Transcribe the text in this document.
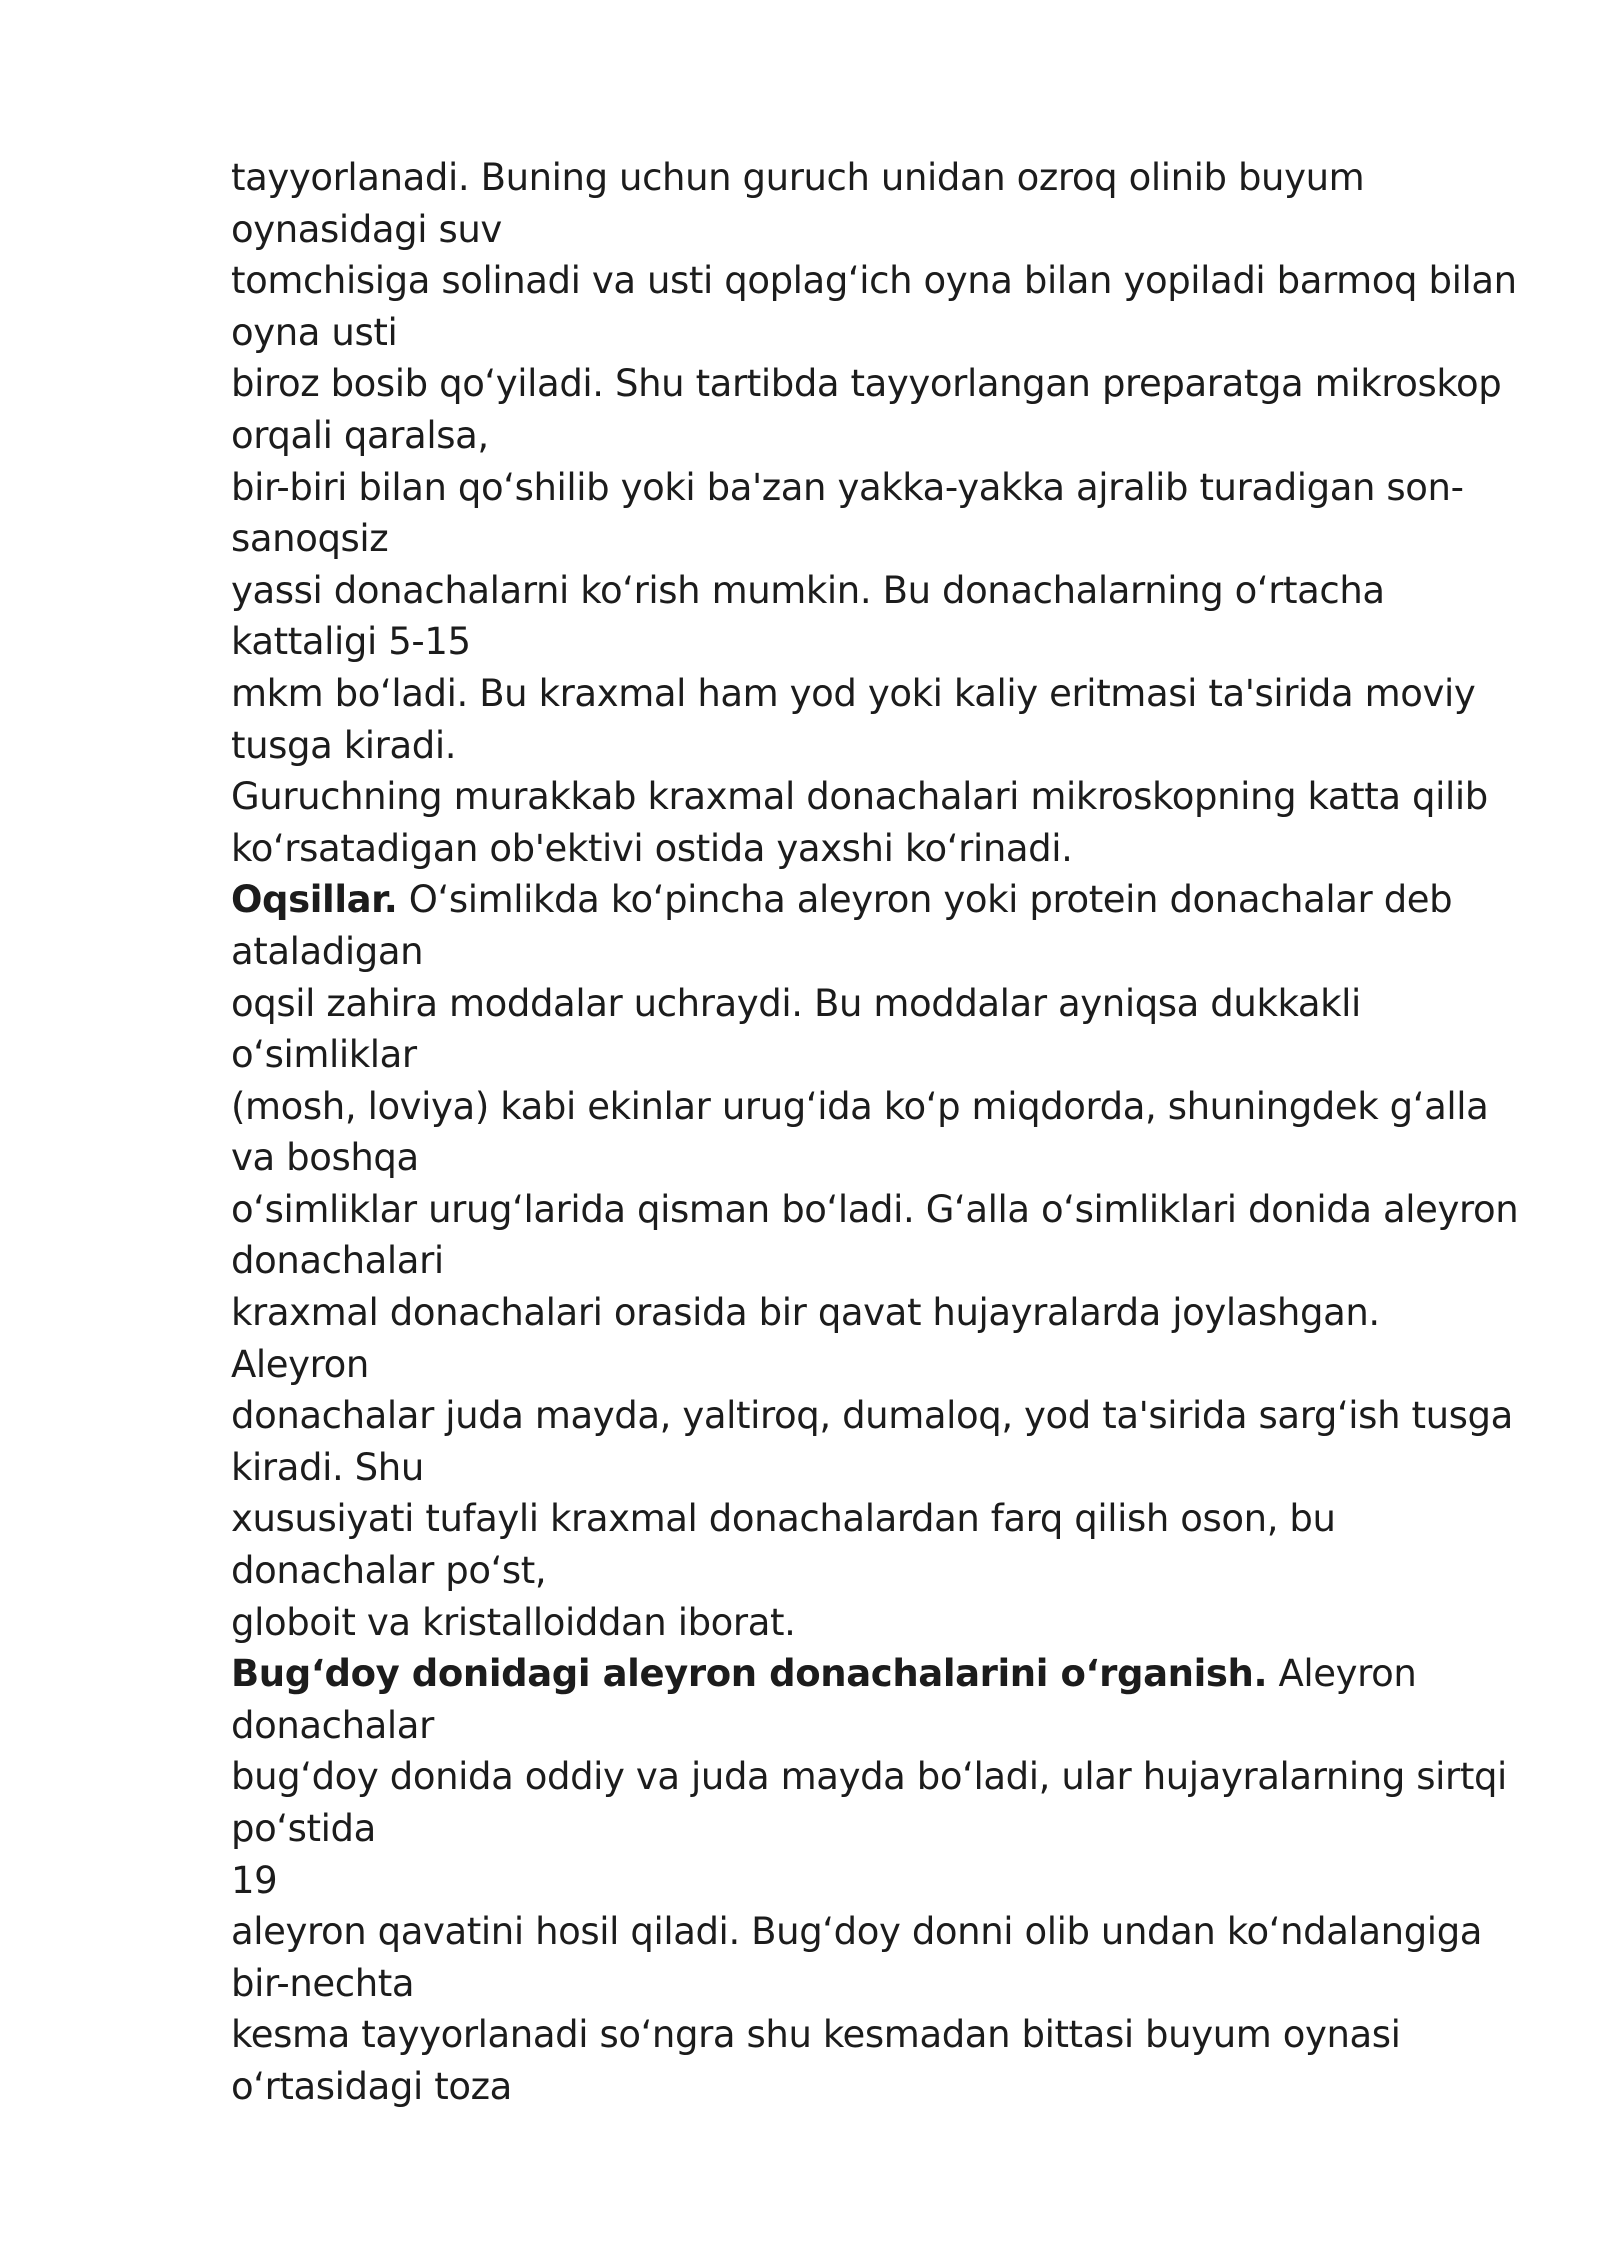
tayyorlanadi. Buning uchun guruch unidan ozroq olinib buyum
oynasidagi suv
tomchisiga solinadi va usti qoplag‘ich oyna bilan yopiladi barmoq bilan
oyna usti
biroz bosib qo‘yiladi. Shu tartibda tayyorlangan preparatga mikroskop
orqali qaralsa,
bir-biri bilan qo‘shilib yoki ba'zan yakka-yakka ajralib turadigan son-
sanoqsiz
yassi donachalarni ko‘rish mumkin. Bu donachalarning o‘rtacha
kattaligi 5-15
mkm bo‘ladi. Bu kraxmal ham yod yoki kaliy eritmasi ta'sirida moviy
tusga kiradi.
Guruchning murakkab kraxmal donachalari mikroskopning katta qilib
ko‘rsatadigan ob'ektivi ostida yaxshi ko‘rinadi.
Oqsillar. O‘simlikda ko‘pincha aleyron yoki protein donachalar deb
ataladigan
oqsil zahira moddalar uchraydi. Bu moddalar ayniqsa dukkakli
o‘simliklar
(mosh, loviya) kabi ekinlar urug‘ida ko‘p miqdorda, shuningdek g‘alla
va boshqa
o‘simliklar urug‘larida qisman bo‘ladi. G‘alla o‘simliklari donida aleyron
donachalari
kraxmal donachalari orasida bir qavat hujayralarda joylashgan.
Aleyron
donachalar juda mayda, yaltiroq, dumaloq, yod ta'sirida sarg‘ish tusga
kiradi. Shu
xususiyati tufayli kraxmal donachalardan farq qilish oson, bu
donachalar po‘st,
globoit va kristalloiddan iborat.
Bug‘doy donidagi aleyron donachalarini o‘rganish. Aleyron
donachalar
bug‘doy donida oddiy va juda mayda bo‘ladi, ular hujayralarning sirtqi
po‘stida
19
aleyron qavatini hosil qiladi. Bug‘doy donni olib undan ko‘ndalangiga
bir-nechta
kesma tayyorlanadi so‘ngra shu kesmadan bittasi buyum oynasi
o‘rtasidagi toza
